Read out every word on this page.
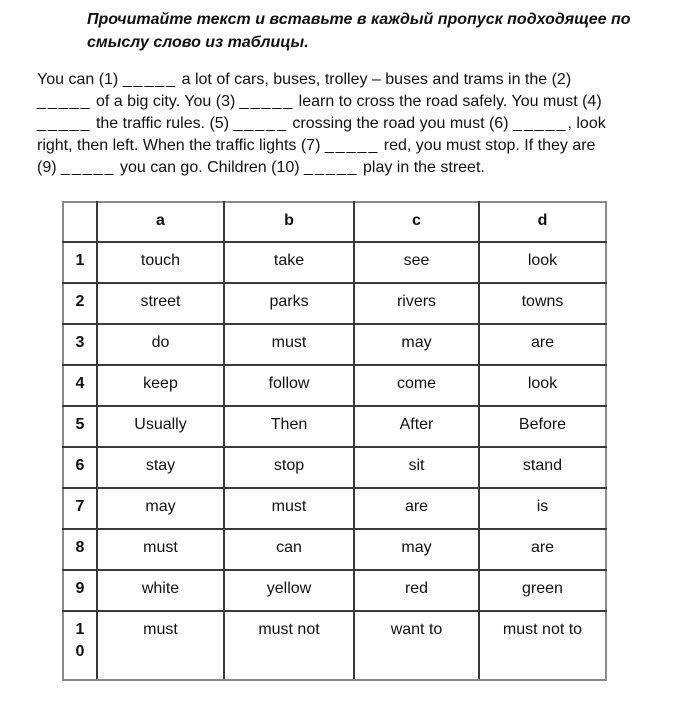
Прочитайте текст и вставьте в каждый пропуск подходящее по
смыслу слово из таблицы.
You can (1) _____ a lot of cars, buses, trolley – buses and trams in the (2)
_____ of a big city. You (3) _____ learn to cross the road safely. You must (4)
_____ the traffic rules. (5) _____ crossing the road you must (6) _____, look
right, then left. When the traffic lights (7) _____ red, you must stop. If they are
(9) _____ you can go. Children (10) _____ play in the street.
	a	b	c	d
1	touch	take	see	look
2	street	parks	rivers	towns
3	do	must	may	are
4	keep	follow	come	look
5	Usually	Then	After	Before
6	stay	stop	sit	stand
7	may	must	are	is
8	must	can	may	are
9	white	yellow	red	green
10	must	must not	want to	must not to
